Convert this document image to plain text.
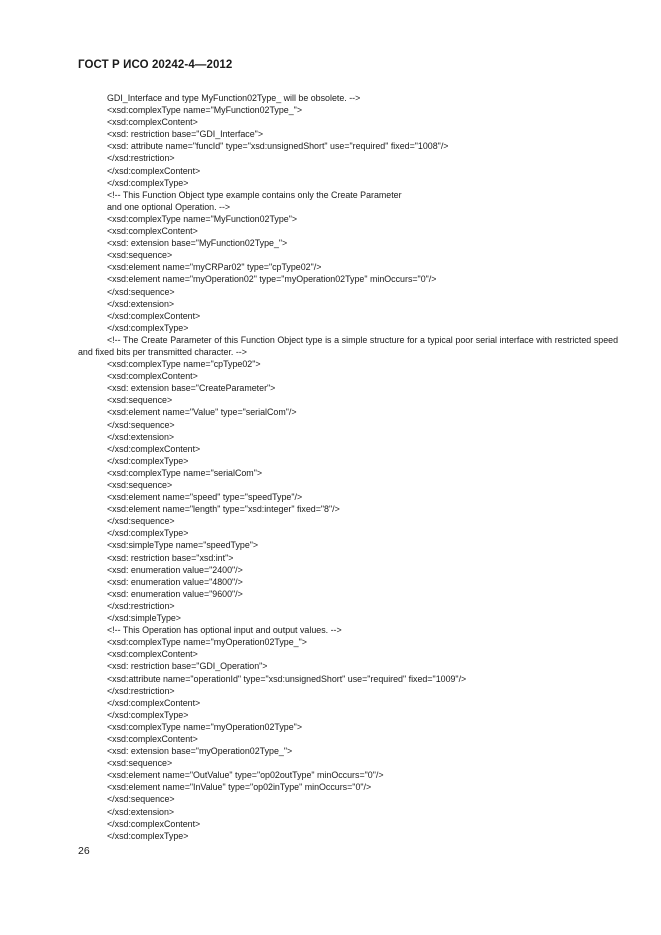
ГОСТ Р ИСО 20242-4—2012
GDI_Interface and type MyFunction02Type_ will be obsolete. -->
<xsd:complexType name="MyFunction02Type_">
<xsd:complexContent>
<xsd: restriction base="GDI_Interface">
<xsd: attribute name="funcId" type="xsd:unsignedShort" use="required" fixed="1008"/>
</xsd:restriction>
</xsd:complexContent>
</xsd:complexType>
<!-- This Function Object type example contains only the Create Parameter
and one optional Operation. -->
<xsd:complexType name="MyFunction02Type">
<xsd:complexContent>
<xsd: extension base="MyFunction02Type_">
<xsd:sequence>
<xsd:element name="myCRPar02" type="cpType02"/>
<xsd:element name="myOperation02" type="myOperation02Type" minOccurs="0"/>
</xsd:sequence>
</xsd:extension>
</xsd:complexContent>
</xsd:complexType>
<!-- The Create Parameter of this Function Object type is a simple structure for a typical poor serial interface with restricted speed and fixed bits per transmitted character. -->
<xsd:complexType name="cpType02">
<xsd:complexContent>
<xsd: extension base="CreateParameter">
<xsd:sequence>
<xsd:element name="Value" type="serialCom"/>
</xsd:sequence>
</xsd:extension>
</xsd:complexContent>
</xsd:complexType>
<xsd:complexType name="serialCom">
<xsd:sequence>
<xsd:element name="speed" type="speedType"/>
<xsd:element name="length" type="xsd:integer" fixed="8"/>
</xsd:sequence>
</xsd:complexType>
<xsd:simpleType name="speedType">
<xsd: restriction base="xsd:int">
<xsd: enumeration value="2400"/>
<xsd: enumeration value="4800"/>
<xsd: enumeration value="9600"/>
</xsd:restriction>
</xsd:simpleType>
<!-- This Operation has optional input and output values. -->
<xsd:complexType name="myOperation02Type_">
<xsd:complexContent>
<xsd: restriction base="GDI_Operation">
<xsd:attribute name="operationId" type="xsd:unsignedShort" use="required" fixed="1009"/>
</xsd:restriction>
</xsd:complexContent>
</xsd:complexType>
<xsd:complexType name="myOperation02Type">
<xsd:complexContent>
<xsd: extension base="myOperation02Type_">
<xsd:sequence>
<xsd:element name="OutValue" type="op02outType" minOccurs="0"/>
<xsd:element name="InValue" type="op02inType" minOccurs="0"/>
</xsd:sequence>
</xsd:extension>
</xsd:complexContent>
</xsd:complexType>
26
